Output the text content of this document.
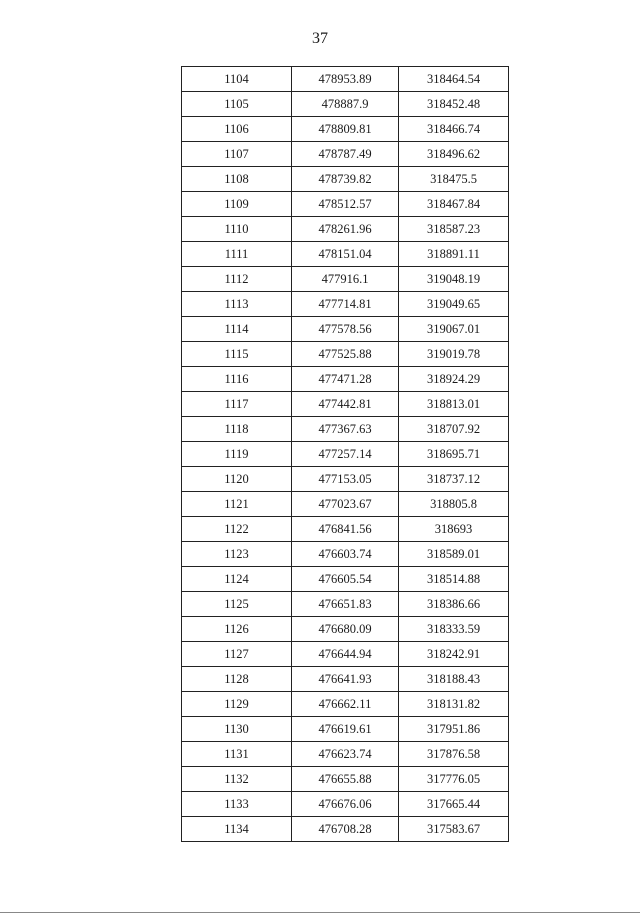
37
1104	478953.89	318464.54
1105	478887.9	318452.48
1106	478809.81	318466.74
1107	478787.49	318496.62
1108	478739.82	318475.5
1109	478512.57	318467.84
1110	478261.96	318587.23
1111	478151.04	318891.11
1112	477916.1	319048.19
1113	477714.81	319049.65
1114	477578.56	319067.01
1115	477525.88	319019.78
1116	477471.28	318924.29
1117	477442.81	318813.01
1118	477367.63	318707.92
1119	477257.14	318695.71
1120	477153.05	318737.12
1121	477023.67	318805.8
1122	476841.56	318693
1123	476603.74	318589.01
1124	476605.54	318514.88
1125	476651.83	318386.66
1126	476680.09	318333.59
1127	476644.94	318242.91
1128	476641.93	318188.43
1129	476662.11	318131.82
1130	476619.61	317951.86
1131	476623.74	317876.58
1132	476655.88	317776.05
1133	476676.06	317665.44
1134	476708.28	317583.67
